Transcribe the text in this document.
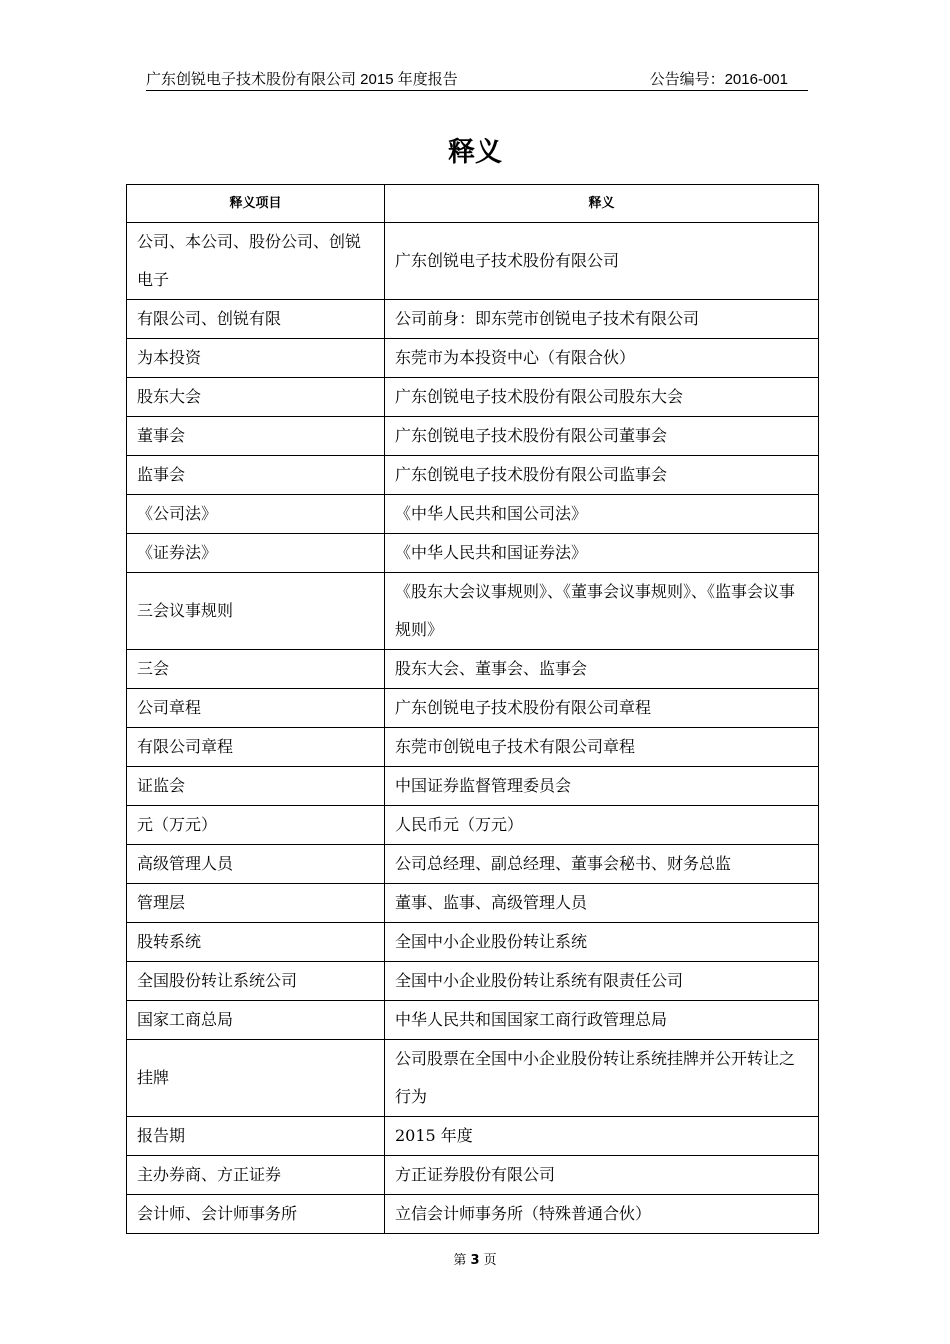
广东创锐电子技术股份有限公司 2015 年度报告	公告编号：2016-001
释义
释义项目	释义
公司、本公司、股份公司、创锐电子	广东创锐电子技术股份有限公司
有限公司、创锐有限	公司前身：即东莞市创锐电子技术有限公司
为本投资	东莞市为本投资中心（有限合伙）
股东大会	广东创锐电子技术股份有限公司股东大会
董事会	广东创锐电子技术股份有限公司董事会
监事会	广东创锐电子技术股份有限公司监事会
《公司法》	《中华人民共和国公司法》
《证券法》	《中华人民共和国证券法》
三会议事规则	《股东大会议事规则》、《董事会议事规则》、《监事会议事规则》
三会	股东大会、董事会、监事会
公司章程	广东创锐电子技术股份有限公司章程
有限公司章程	东莞市创锐电子技术有限公司章程
证监会	中国证券监督管理委员会
元（万元）	人民币元（万元）
高级管理人员	公司总经理、副总经理、董事会秘书、财务总监
管理层	董事、监事、高级管理人员
股转系统	全国中小企业股份转让系统
全国股份转让系统公司	全国中小企业股份转让系统有限责任公司
国家工商总局	中华人民共和国国家工商行政管理总局
挂牌	公司股票在全国中小企业股份转让系统挂牌并公开转让之行为
报告期	2015 年度
主办券商、方正证券	方正证券股份有限公司
会计师、会计师事务所	立信会计师事务所（特殊普通合伙）
第 3 页
